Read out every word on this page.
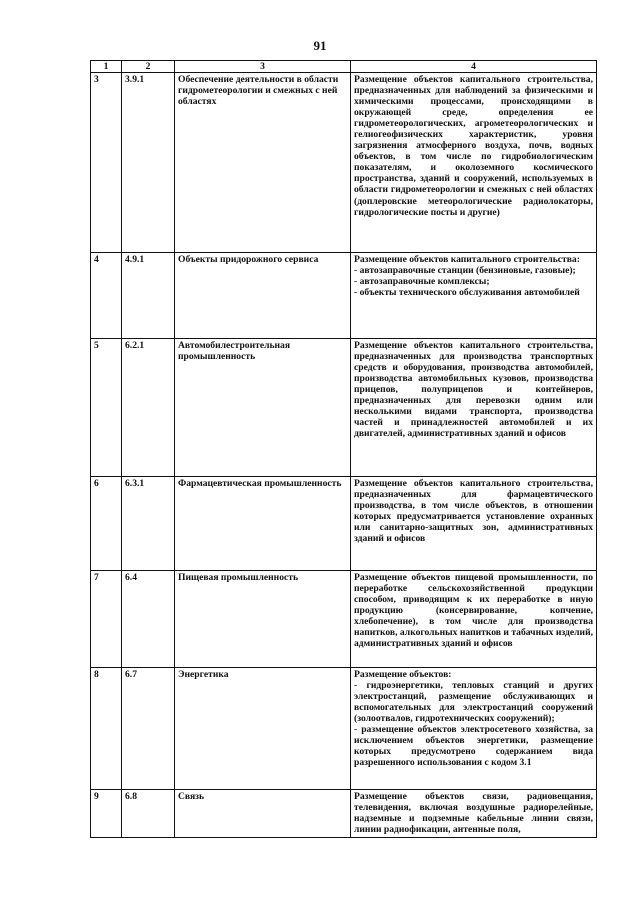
91
1	2	3	4
3	3.9.1	Обеспечение деятельности в области гидрометеорологии и смежных с ней областях	Размещение объектов капитального строительства, предназначенных для наблюдений за физическими и химическими процессами, происходящими в окружающей среде, определения ее гидрометеорологических, агрометеорологических и гелиогеофизических характеристик, уровня загрязнения атмосферного воздуха, почв, водных объектов, в том числе по гидробиологическим показателям, и околоземного космического пространства, зданий и сооружений, используемых в области гидрометеорологии и смежных с ней областях (доплеровские метеорологические радиолокаторы, гидрологические посты и другие)

4	4.9.1	Объекты придорожного сервиса	Размещение объектов капитального строительства:
- автозаправочные станции (бензиновые, газовые);
- автозаправочные комплексы;
- объекты технического обслуживания автомобилей

5	6.2.1	Автомобилестроительная промышленность	Размещение объектов капитального строительства, предназначенных для производства транспортных средств и оборудования, производства автомобилей, производства автомобильных кузовов, производства прицепов, полуприцепов и контейнеров, предназначенных для перевозки одним или несколькими видами транспорта, производства частей и принадлежностей автомобилей и их двигателей, административных зданий и офисов

6	6.3.1	Фармацевтическая промышленность	Размещение объектов капитального строительства, предназначенных для фармацевтического производства, в том числе объектов, в отношении которых предусматривается установление охранных или санитарно-защитных зон, административных зданий и офисов

7	6.4	Пищевая промышленность	Размещение объектов пищевой промышленности, по переработке сельскохозяйственной продукции способом, приводящим к их переработке в иную продукцию (консервирование, копчение, хлебопечение), в том числе для производства напитков, алкогольных напитков и табачных изделий, административных зданий и офисов

8	6.7	Энергетика	Размещение объектов:
- гидроэнергетики, тепловых станций и других электростанций, размещение обслуживающих и вспомогательных для электростанций сооружений (золоотвалов, гидротехнических сооружений);
- размещение объектов электросетевого хозяйства, за исключением объектов энергетики, размещение которых предусмотрено содержанием вида разрешенного использования с кодом 3.1

9	6.8	Связь	Размещение объектов связи, радиовещания, телевидения, включая воздушные радиорелейные, надземные и подземные кабельные линии связи, линии радиофикации, антенные поля,
